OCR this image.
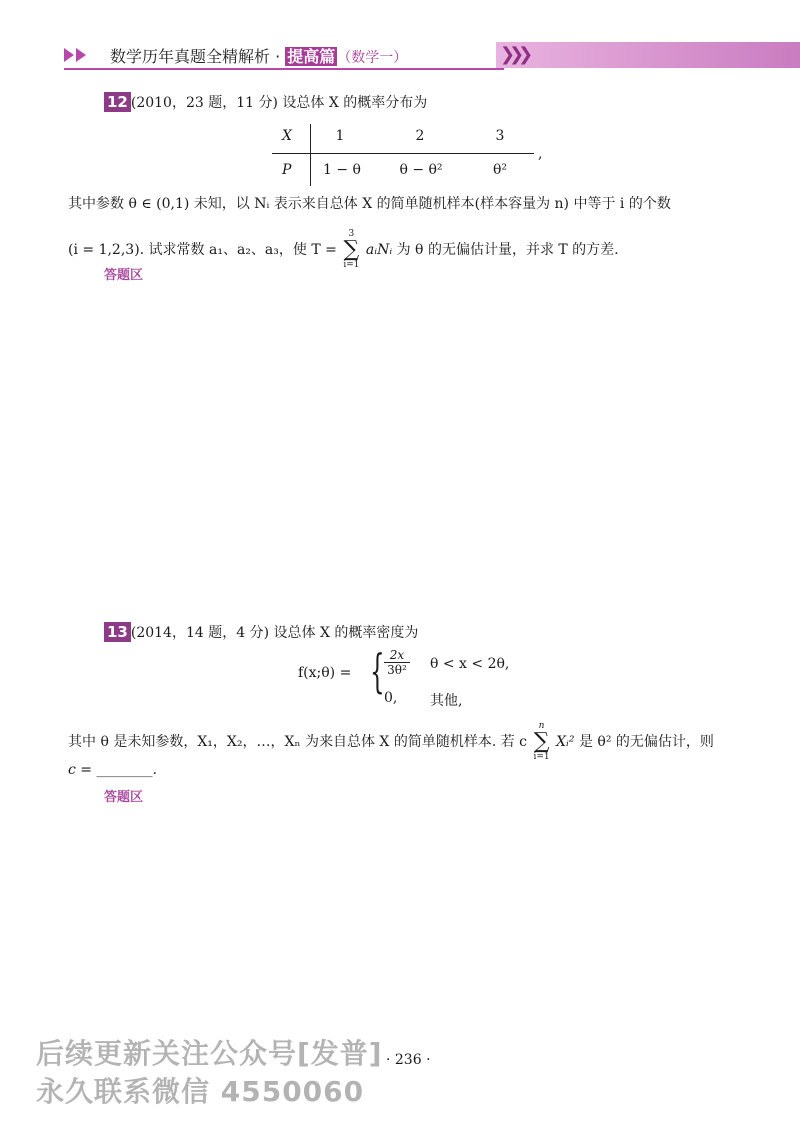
❯❯❯
数学历年真题全精解析 · 提高篇 （数学一）
12 (2010，23 题，11 分) 设总体 X 的概率分布为
X	1	2	3
P	1 − θ	θ − θ²	θ²
,
其中参数 θ ∈ (0,1) 未知，以 Nᵢ 表示来自总体 X 的简单随机样本(样本容量为 n) 中等于 i 的个数
(i = 1,2,3). 试求常数 a₁、a₂、a₃，使 T =
3
∑
i=1
aᵢNᵢ 为 θ 的无偏估计量，并求 T 的方差.
答题区
13 (2014，14 题，4 分) 设总体 X 的概率密度为
f(x;θ) = { $\frac{2x}{\text{3θ²}}$ θ < x < 2θ,
0, 其他,
其中 θ 是未知参数，X₁，X₂，…，Xₙ 为来自总体 X 的简单随机样本. 若 c
n
∑
i=1
Xᵢ² 是 θ² 的无偏估计，则
c = ________.
答题区
· 236 ·
后续更新关注公众号[发普]
永久联系微信 4550060
